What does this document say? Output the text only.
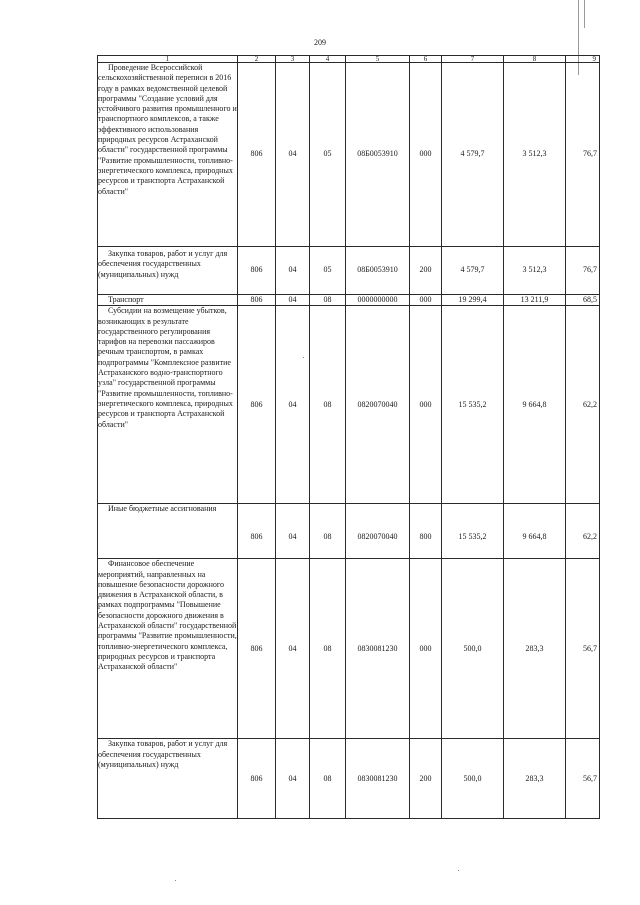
209
1	2	3	4	5	6	7	8	9
Проведение Всероссийской сельскохозяйственной переписи в 2016 году в рамках ведомственной целевой программы "Создание условий для устойчивого развития промышленного и транспортного комплексов, а также эффективного использования природных ресурсов Астраханской области" государственной программы "Развитие промышленности, топливно-энергетического комплекса, природных ресурсов и транспорта Астраханской области"	806	04	05	08Б0053910	000	4 579,7	3 512,3	76,7
Закупка товаров, работ и услуг для обеспечения государственных (муниципальных) нужд	806	04	05	08Б0053910	200	4 579,7	3 512,3	76,7
Транспорт	806	04	08	0000000000	000	19 299,4	13 211,9	68,5
Субсидии на возмещение убытков, возникающих в результате государственного регулирования тарифов на перевозки пассажиров речным транспортом, в рамках подпрограммы "Комплексное развитие Астраханского водно-транспортного узла" государственной программы "Развитие промышленности, топливно-энергетического комплекса, природных ресурсов и транспорта Астраханской области"	806	04	08	0820070040	000	15 535,2	9 664,8	62,2
Иные бюджетные ассигнования	806	04	08	0820070040	800	15 535,2	9 664,8	62,2
Финансовое обеспечение мероприятий, направленных на повышение безопасности дорожного движения в Астраханской области, в рамках подпрограммы "Повышение безопасности дорожного движения в Астраханской области" государственной программы "Развитие промышленности, топливно-энергетического комплекса, природных ресурсов и транспорта Астраханской области"	806	04	08	0830081230	000	500,0	283,3	56,7
Закупка товаров, работ и услуг для обеспечения государственных (муниципальных) нужд	806	04	08	0830081230	200	500,0	283,3	56,7
